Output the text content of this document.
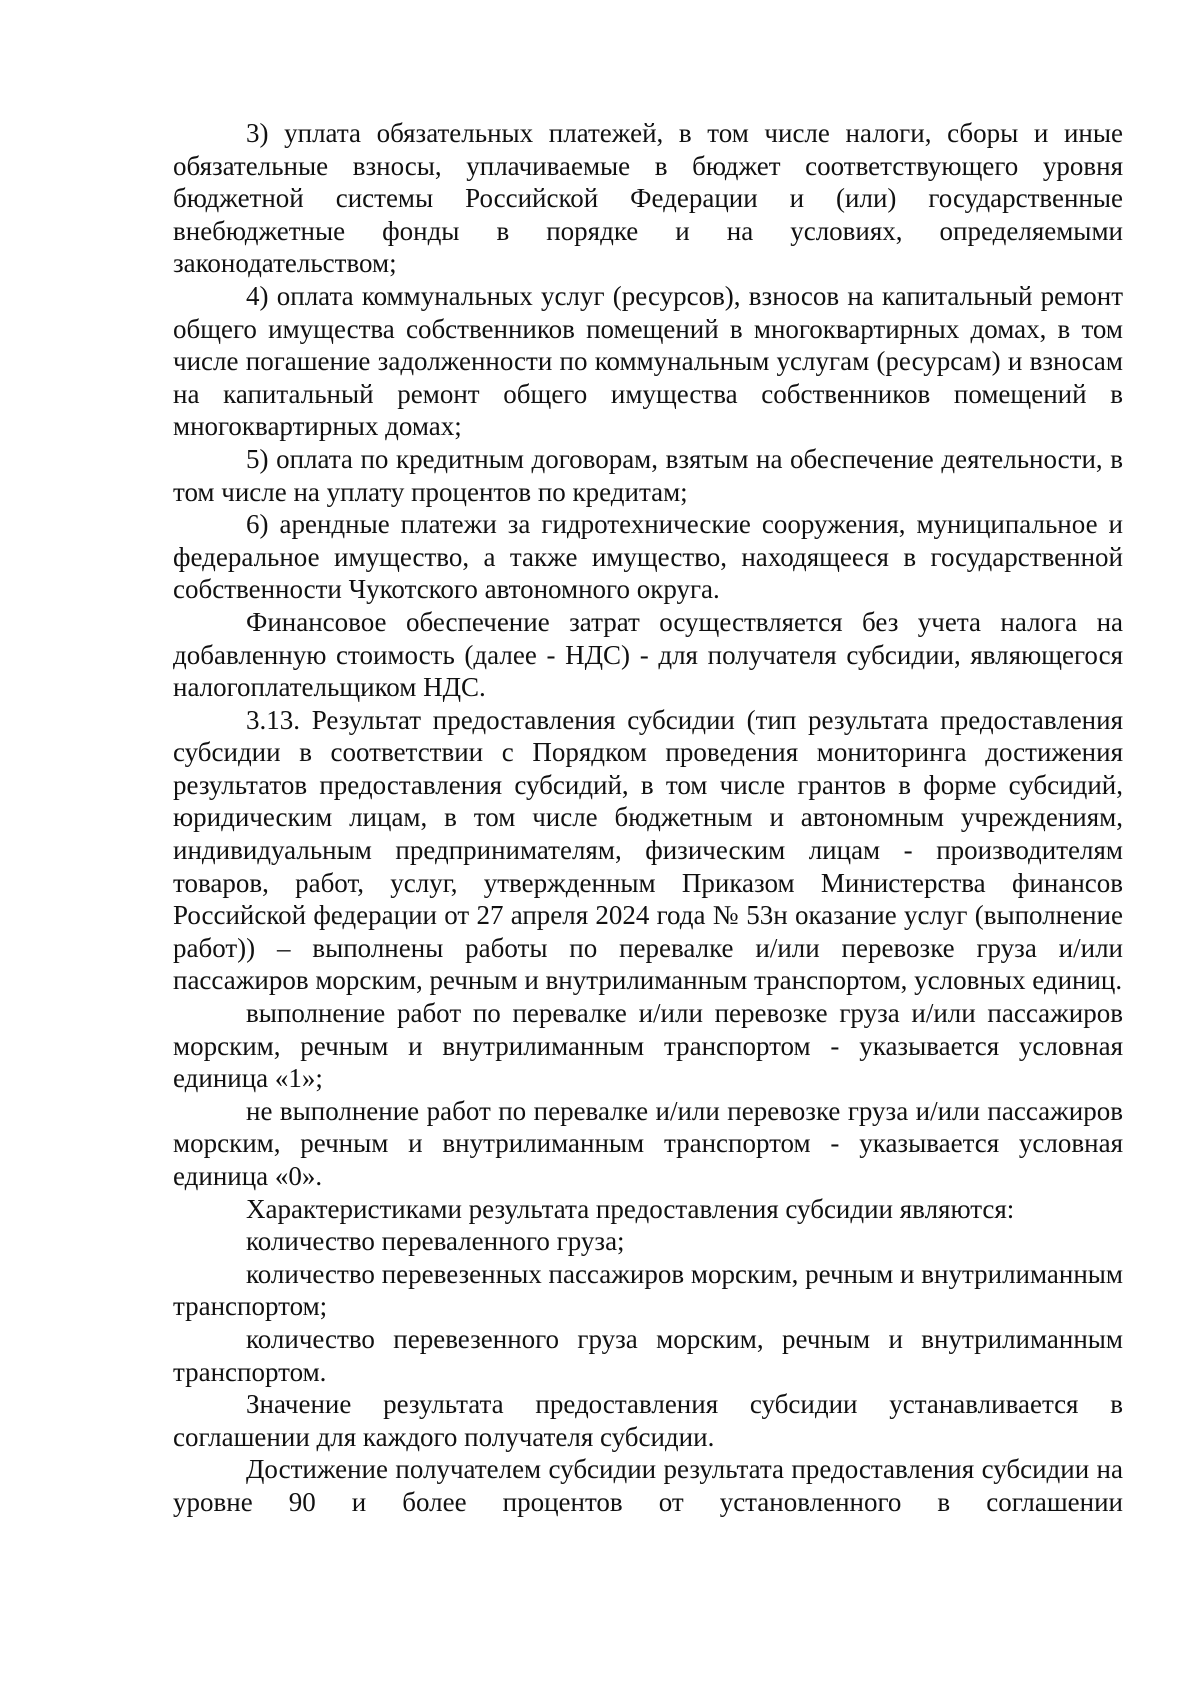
3) уплата обязательных платежей, в том числе налоги, сборы и иные обязательные взносы, уплачиваемые в бюджет соответствующего уровня бюджетной системы Российской Федерации и (или) государственные внебюджетные фонды в порядке и на условиях, определяемыми законодательством;

4) оплата коммунальных услуг (ресурсов), взносов на капитальный ремонт общего имущества собственников помещений в многоквартирных домах, в том числе погашение задолженности по коммунальным услугам (ресурсам) и взносам на капитальный ремонт общего имущества собственников помещений в многоквартирных домах;

5) оплата по кредитным договорам, взятым на обеспечение деятельности, в том числе на уплату процентов по кредитам;

6) арендные платежи за гидротехнические сооружения, муниципальное и федеральное имущество, а также имущество, находящееся в государственной собственности Чукотского автономного округа.

Финансовое обеспечение затрат осуществляется без учета налога на добавленную стоимость (далее - НДС) - для получателя субсидии, являющегося налогоплательщиком НДС.

3.13. Результат предоставления субсидии (тип результата предоставления субсидии в соответствии с Порядком проведения мониторинга достижения результатов предоставления субсидий, в том числе грантов в форме субсидий, юридическим лицам, в том числе бюджетным и автономным учреждениям, индивидуальным предпринимателям, физическим лицам - производителям товаров, работ, услуг, утвержденным Приказом Министерства финансов Российской федерации от 27 апреля 2024 года № 53н оказание услуг (выполнение работ)) – выполнены работы по перевалке и/или перевозке груза и/или пассажиров морским, речным и внутрилиманным транспортом, условных единиц.

выполнение работ по перевалке и/или перевозке груза и/или пассажиров морским, речным и внутрилиманным транспортом - указывается условная единица «1»;

не выполнение работ по перевалке и/или перевозке груза и/или пассажиров морским, речным и внутрилиманным транспортом - указывается условная единица «0».

Характеристиками результата предоставления субсидии являются:

количество переваленного груза;

количество перевезенных пассажиров морским, речным и внутрилиманным транспортом;

количество перевезенного груза морским, речным и внутрилиманным транспортом.

Значение результата предоставления субсидии устанавливается в соглашении для каждого получателя субсидии.

Достижение получателем субсидии результата предоставления субсидии на уровне 90 и более процентов от установленного в соглашении
